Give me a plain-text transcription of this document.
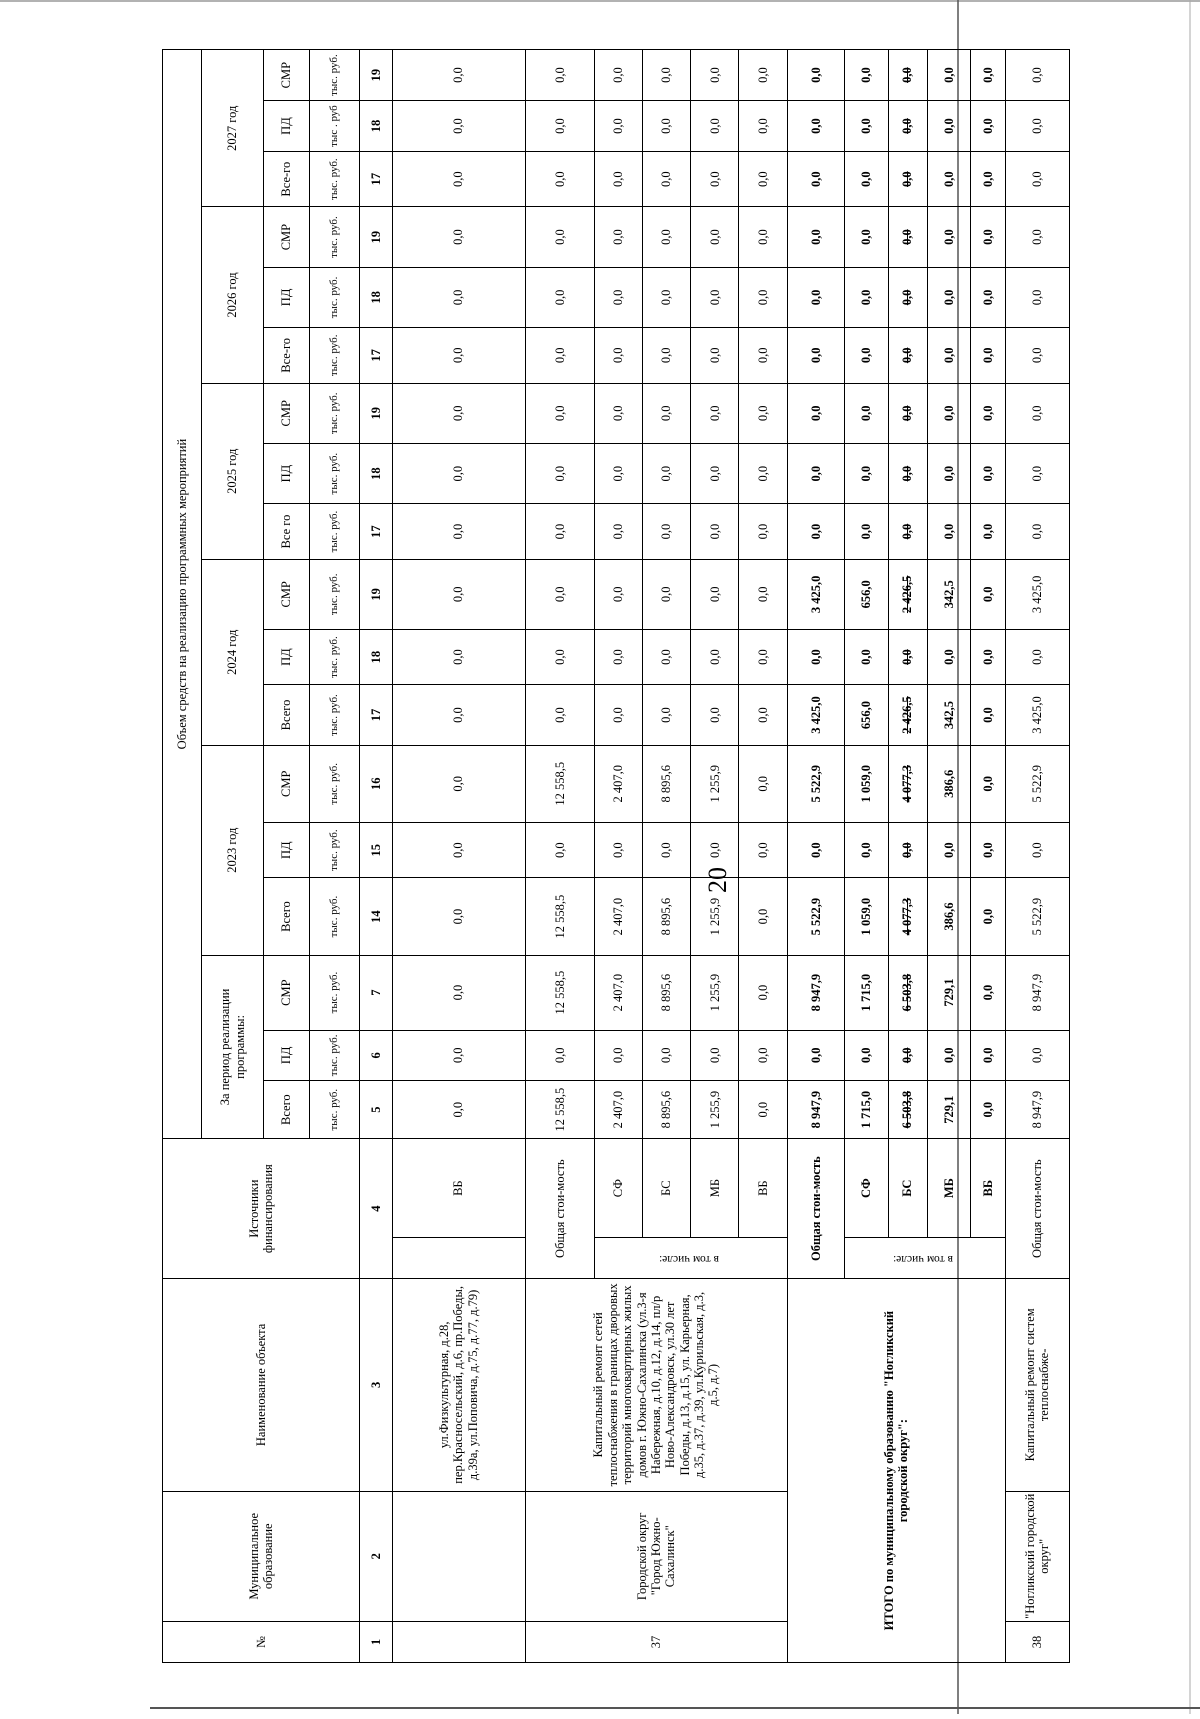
20
№	Муниципальное образование	Наименование объекта	Источники финансирования		Объем средств на реализацию программных мероприятий																	
					За период реализации программы:			2023 год			2024 год			2025 год			2026 год			2027 год		
					Всего	ПД	СМР	Всего	ПД	СМР	Всего	ПД	СМР	Все го	ПД	СМР	Все-го	ПД	СМР	Все-го	ПД	СМР
					тыс. руб.	тыс. руб.	тыс. руб.	тыс. руб.	тыс. руб.	тыс. руб.	тыс. руб.	тыс. руб.	тыс. руб.	тыс. руб.	тыс. руб.	тыс. руб.	тыс. руб.	тыс. руб.	тыс. руб.	тыс. руб.	тыс . руб	тыс. руб.
1	2	3	4		5	6	7	14	15	16	17	18	19	17	18	19	17	18	19	17	18	19
		ул.Физкультурная, д.28, пер.Красносельский, д.6, пр.Победы, д.39а, ул.Поповича, д.75, д.77, д.79)		ВБ	0,0	0,0	0,0	0,0	0,0	0,0	0,0	0,0	0,0	0,0	0,0	0,0	0,0	0,0	0,0	0,0	0,0	0,0
37	Городской округ "Город Южно-Сахалинск"	Капитальный ремонт сетей теплоснабжения в границах дворовых территорий многоквартирных жилых домов г. Южно-Сахалинска (ул.3-я Набережная, д.10, д.12, д.14, пл/р Ново-Александровск, ул.30 лет Победы, д.13, д.15, ул. Карьерная, д.35, д.37, д.39, ул.Курильская, д.3, д.5, д.7)	Общая стои-мость		12 558,5	0,0	12 558,5	12 558,5	0,0	12 558,5	0,0	0,0	0,0	0,0	0,0	0,0	0,0	0,0	0,0	0,0	0,0	0,0
			в том числе:	СФ	2 407,0	0,0	2 407,0	2 407,0	0,0	2 407,0	0,0	0,0	0,0	0,0	0,0	0,0	0,0	0,0	0,0	0,0	0,0	0,0
				БС	8 895,6	0,0	8 895,6	8 895,6	0,0	8 895,6	0,0	0,0	0,0	0,0	0,0	0,0	0,0	0,0	0,0	0,0	0,0	0,0
				МБ	1 255,9	0,0	1 255,9	1 255,9	0,0	1 255,9	0,0	0,0	0,0	0,0	0,0	0,0	0,0	0,0	0,0	0,0	0,0	0,0
				ВБ	0,0	0,0	0,0	0,0	0,0	0,0	0,0	0,0	0,0	0,0	0,0	0,0	0,0	0,0	0,0	0,0	0,0	0,0
ИТОГО по муниципальному образованию "Ногликский городской округ":			Общая стои-мость		8 947,9	0,0	8 947,9	5 522,9	0,0	5 522,9	3 425,0	0,0	3 425,0	0,0	0,0	0,0	0,0	0,0	0,0	0,0	0,0	0,0
			в том числе:	СФ	1 715,0	0,0	1 715,0	1 059,0	0,0	1 059,0	656,0	0,0	656,0	0,0	0,0	0,0	0,0	0,0	0,0	0,0	0,0	0,0
				БС	6 503,8	0,0	6 503,8	4 077,3	0,0	4 077,3	2 426,5	0,0	2 426,5	0,0	0,0	0,0	0,0	0,0	0,0	0,0	0,0	0,0
				МБ	729,1	0,0	729,1	386,6	0,0	386,6	342,5	0,0	342,5	0,0	0,0	0,0	0,0	0,0	0,0	0,0	0,0	0,0
				ВБ	0,0	0,0	0,0	0,0	0,0	0,0	0,0	0,0	0,0	0,0	0,0	0,0	0,0	0,0	0,0	0,0	0,0	0,0
38	"Ногликский городской округ"	Капитальный ремонт систем теплоснабже-	Общая стои-мость		8 947,9	0,0	8 947,9	5 522,9	0,0	5 522,9	3 425,0	0,0	3 425,0	0,0	0,0	0,0	0,0	0,0	0,0	0,0	0,0	0,0
